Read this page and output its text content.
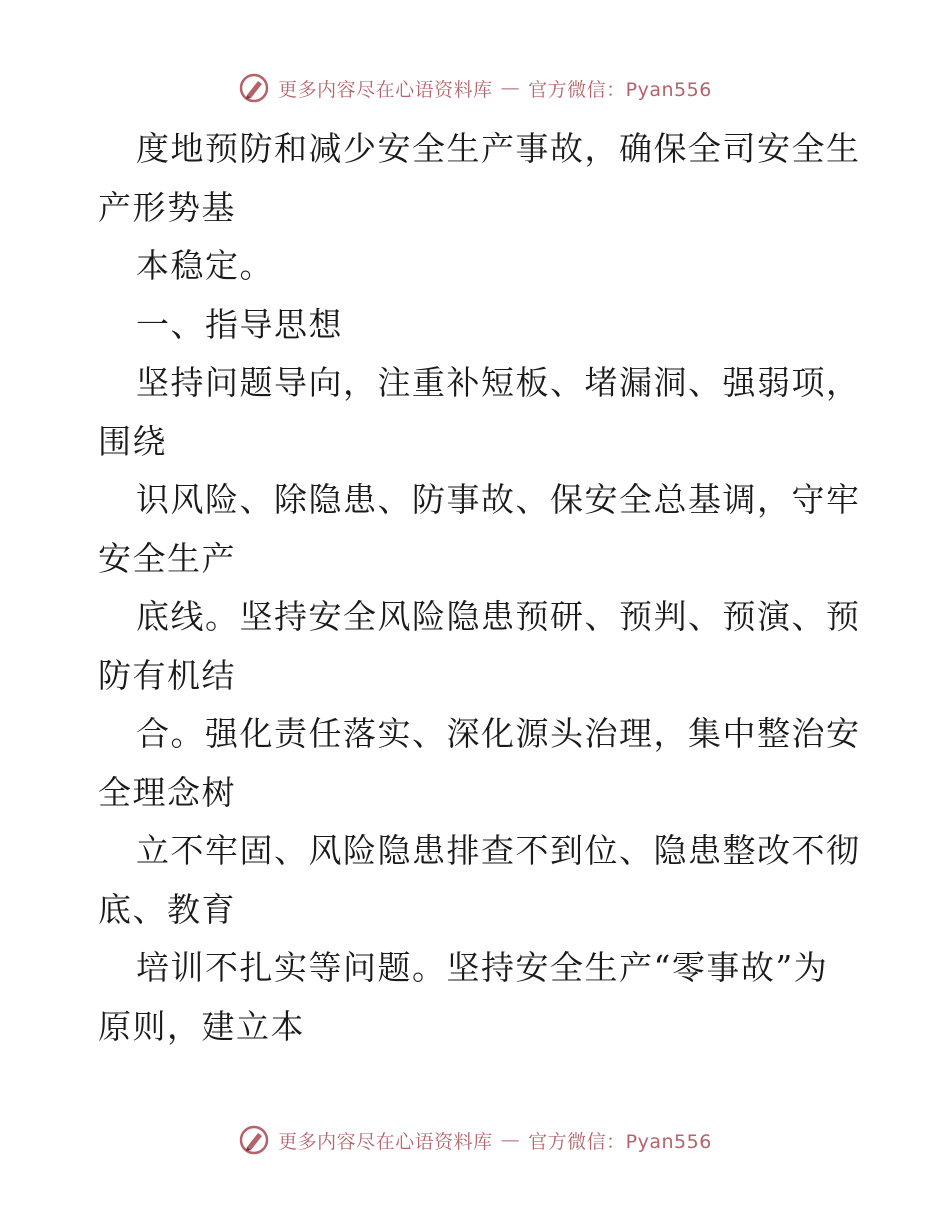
更多内容尽在心语资料库 — 官方微信：Pyan556
度地预防和减少安全生产事故，确保全司安全生
产形势基
本稳定。
一、指导思想
坚持问题导向，注重补短板、堵漏洞、强弱项，
围绕
识风险、除隐患、防事故、保安全总基调，守牢
安全生产
底线。坚持安全风险隐患预研、预判、预演、预
防有机结
合。强化责任落实、深化源头治理，集中整治安
全理念树
立不牢固、风险隐患排查不到位、隐患整改不彻
底、教育
培训不扎实等问题。坚持安全生产“零事故”为
原则，建立本
更多内容尽在心语资料库 — 官方微信：Pyan556
